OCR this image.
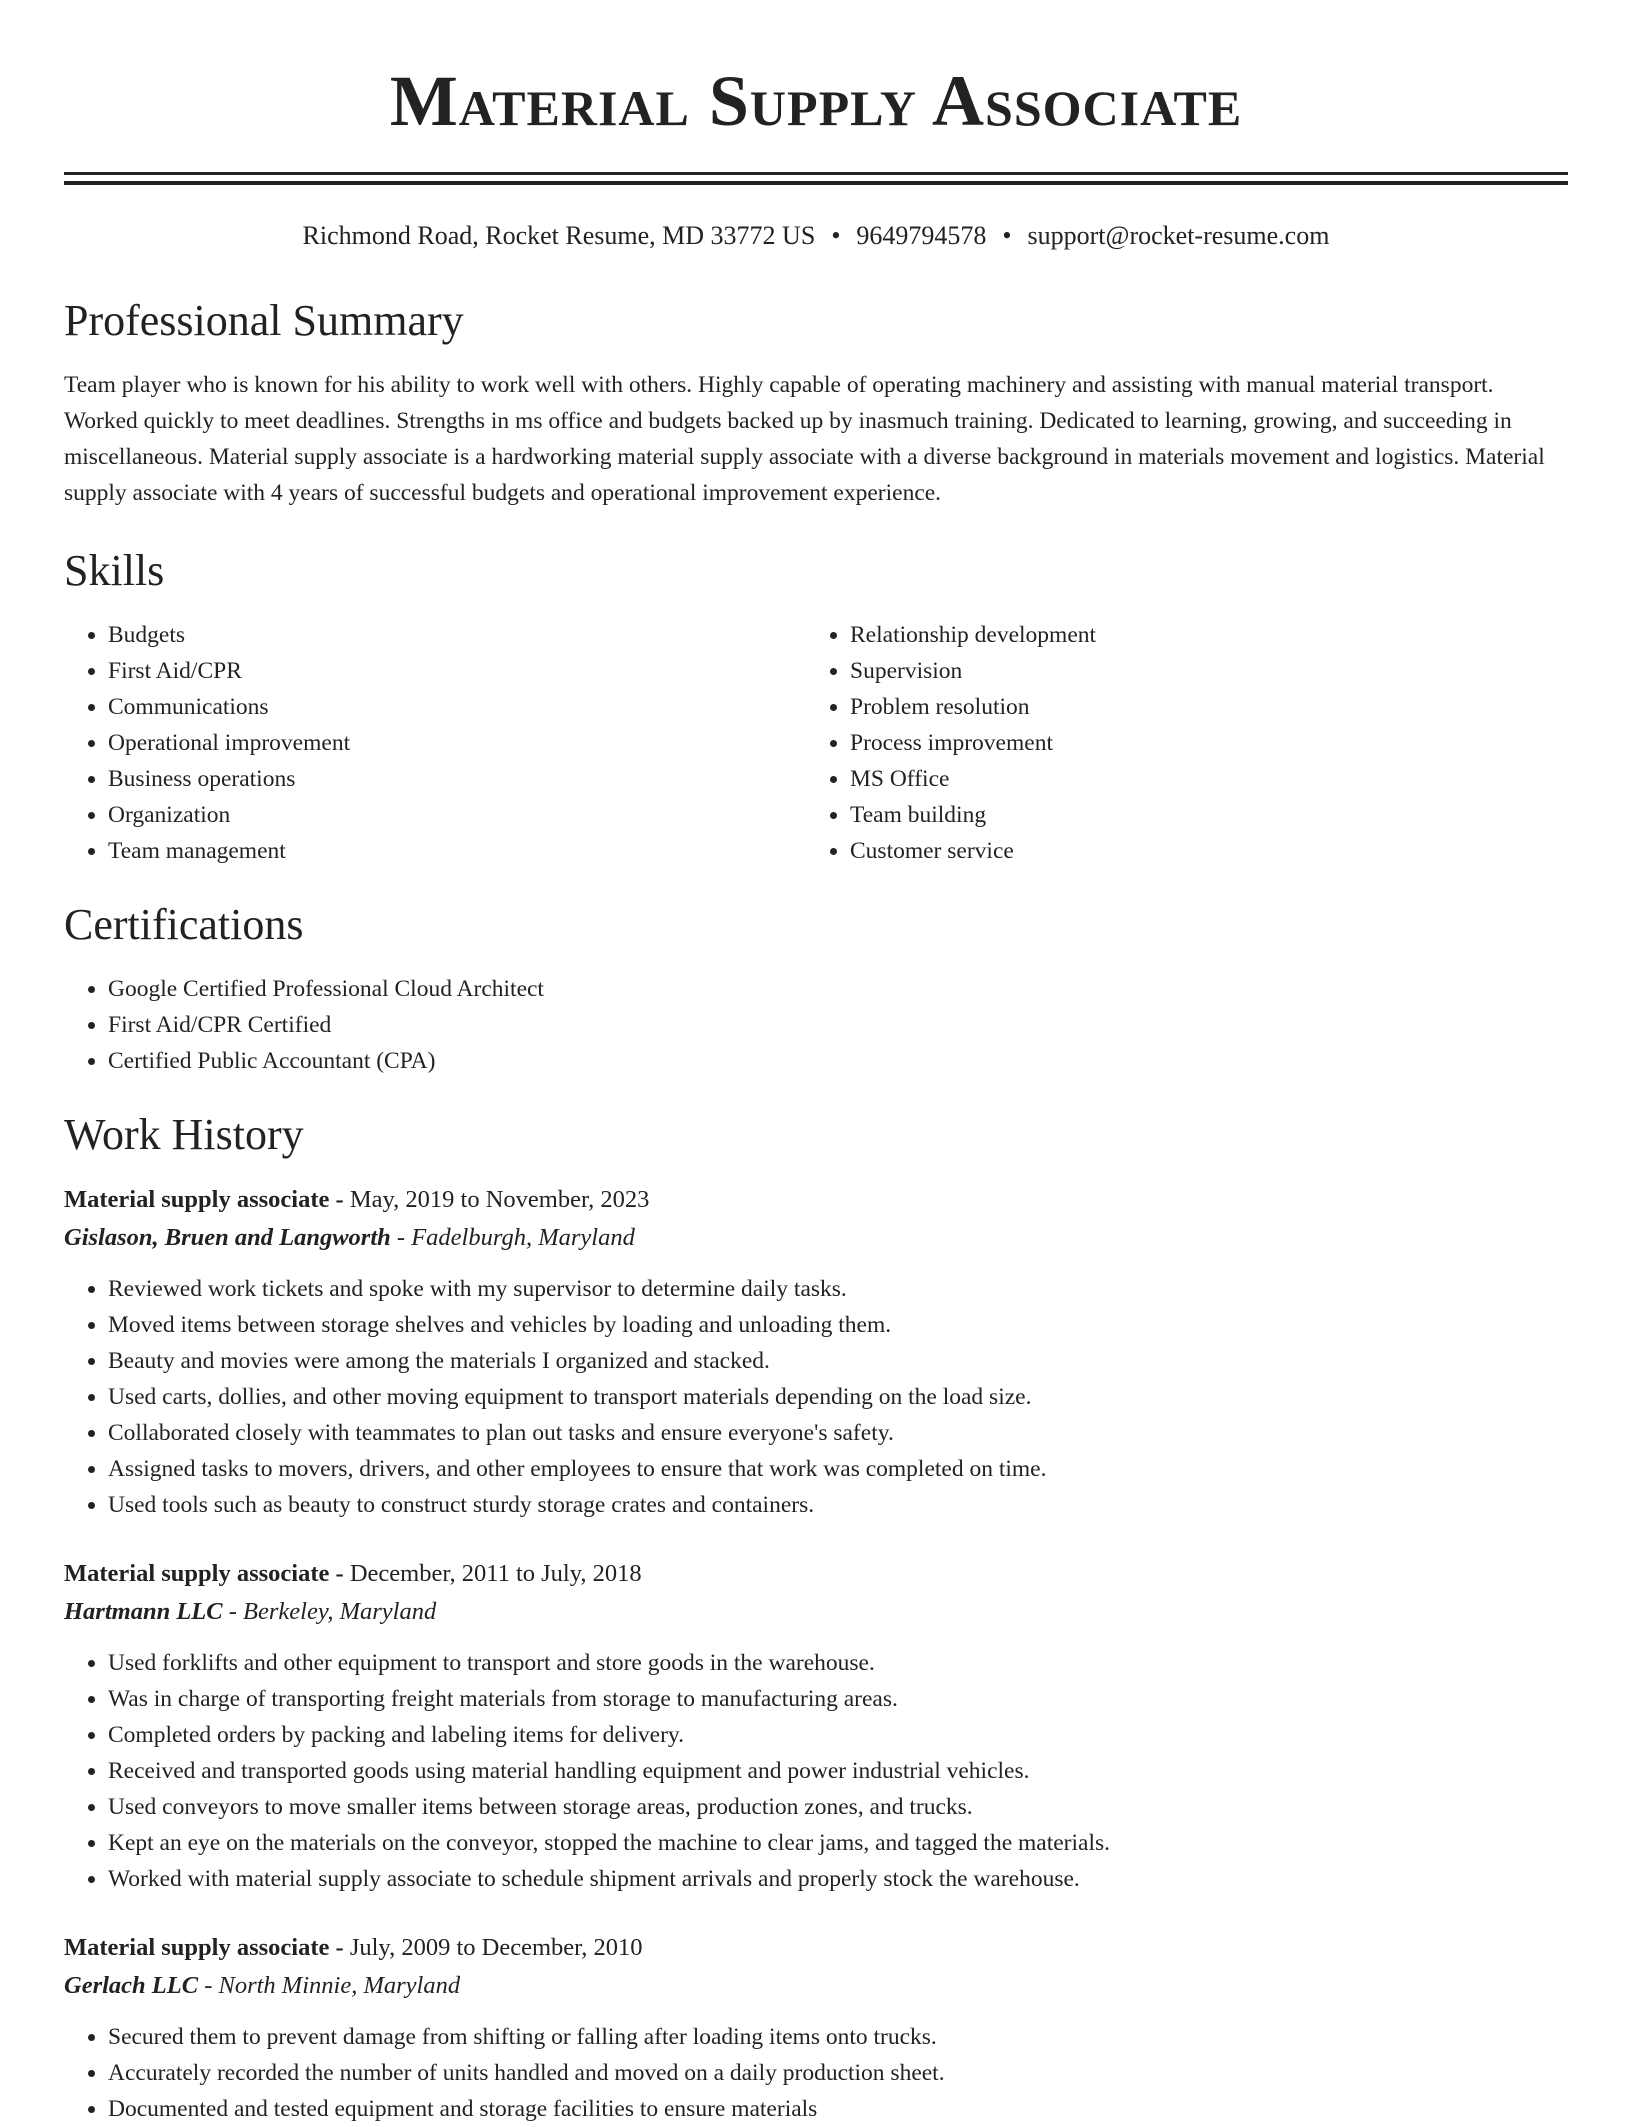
Material Supply Associate
Richmond Road, Rocket Resume, MD 33772 US • 9649794578 • support@rocket-resume.com
Professional Summary

Team player who is known for his ability to work well with others. Highly capable of operating machinery and assisting with manual material transport. Worked quickly to meet deadlines. Strengths in ms office and budgets backed up by inasmuch training. Dedicated to learning, growing, and succeeding in miscellaneous. Material supply associate is a hardworking material supply associate with a diverse background in materials movement and logistics. Material supply associate with 4 years of successful budgets and operational improvement experience.

Skills
• Budgets
• First Aid/CPR
• Communications
• Operational improvement
• Business operations
• Organization
• Team management
• Relationship development
• Supervision
• Problem resolution
• Process improvement
• MS Office
• Team building
• Customer service
Certifications
• Google Certified Professional Cloud Architect
• First Aid/CPR Certified
• Certified Public Accountant (CPA)
Work History
Material supply associate - May, 2019 to November, 2023
Gislason, Bruen and Langworth - Fadelburgh, Maryland
• Reviewed work tickets and spoke with my supervisor to determine daily tasks.
• Moved items between storage shelves and vehicles by loading and unloading them.
• Beauty and movies were among the materials I organized and stacked.
• Used carts, dollies, and other moving equipment to transport materials depending on the load size.
• Collaborated closely with teammates to plan out tasks and ensure everyone's safety.
• Assigned tasks to movers, drivers, and other employees to ensure that work was completed on time.
• Used tools such as beauty to construct sturdy storage crates and containers.
Material supply associate - December, 2011 to July, 2018
Hartmann LLC - Berkeley, Maryland
• Used forklifts and other equipment to transport and store goods in the warehouse.
• Was in charge of transporting freight materials from storage to manufacturing areas.
• Completed orders by packing and labeling items for delivery.
• Received and transported goods using material handling equipment and power industrial vehicles.
• Used conveyors to move smaller items between storage areas, production zones, and trucks.
• Kept an eye on the materials on the conveyor, stopped the machine to clear jams, and tagged the materials.
• Worked with material supply associate to schedule shipment arrivals and properly stock the warehouse.
Material supply associate - July, 2009 to December, 2010
Gerlach LLC - North Minnie, Maryland
• Secured them to prevent damage from shifting or falling after loading items onto trucks.
• Accurately recorded the number of units handled and moved on a daily production sheet.
• Documented and tested equipment and storage facilities to ensure materials
